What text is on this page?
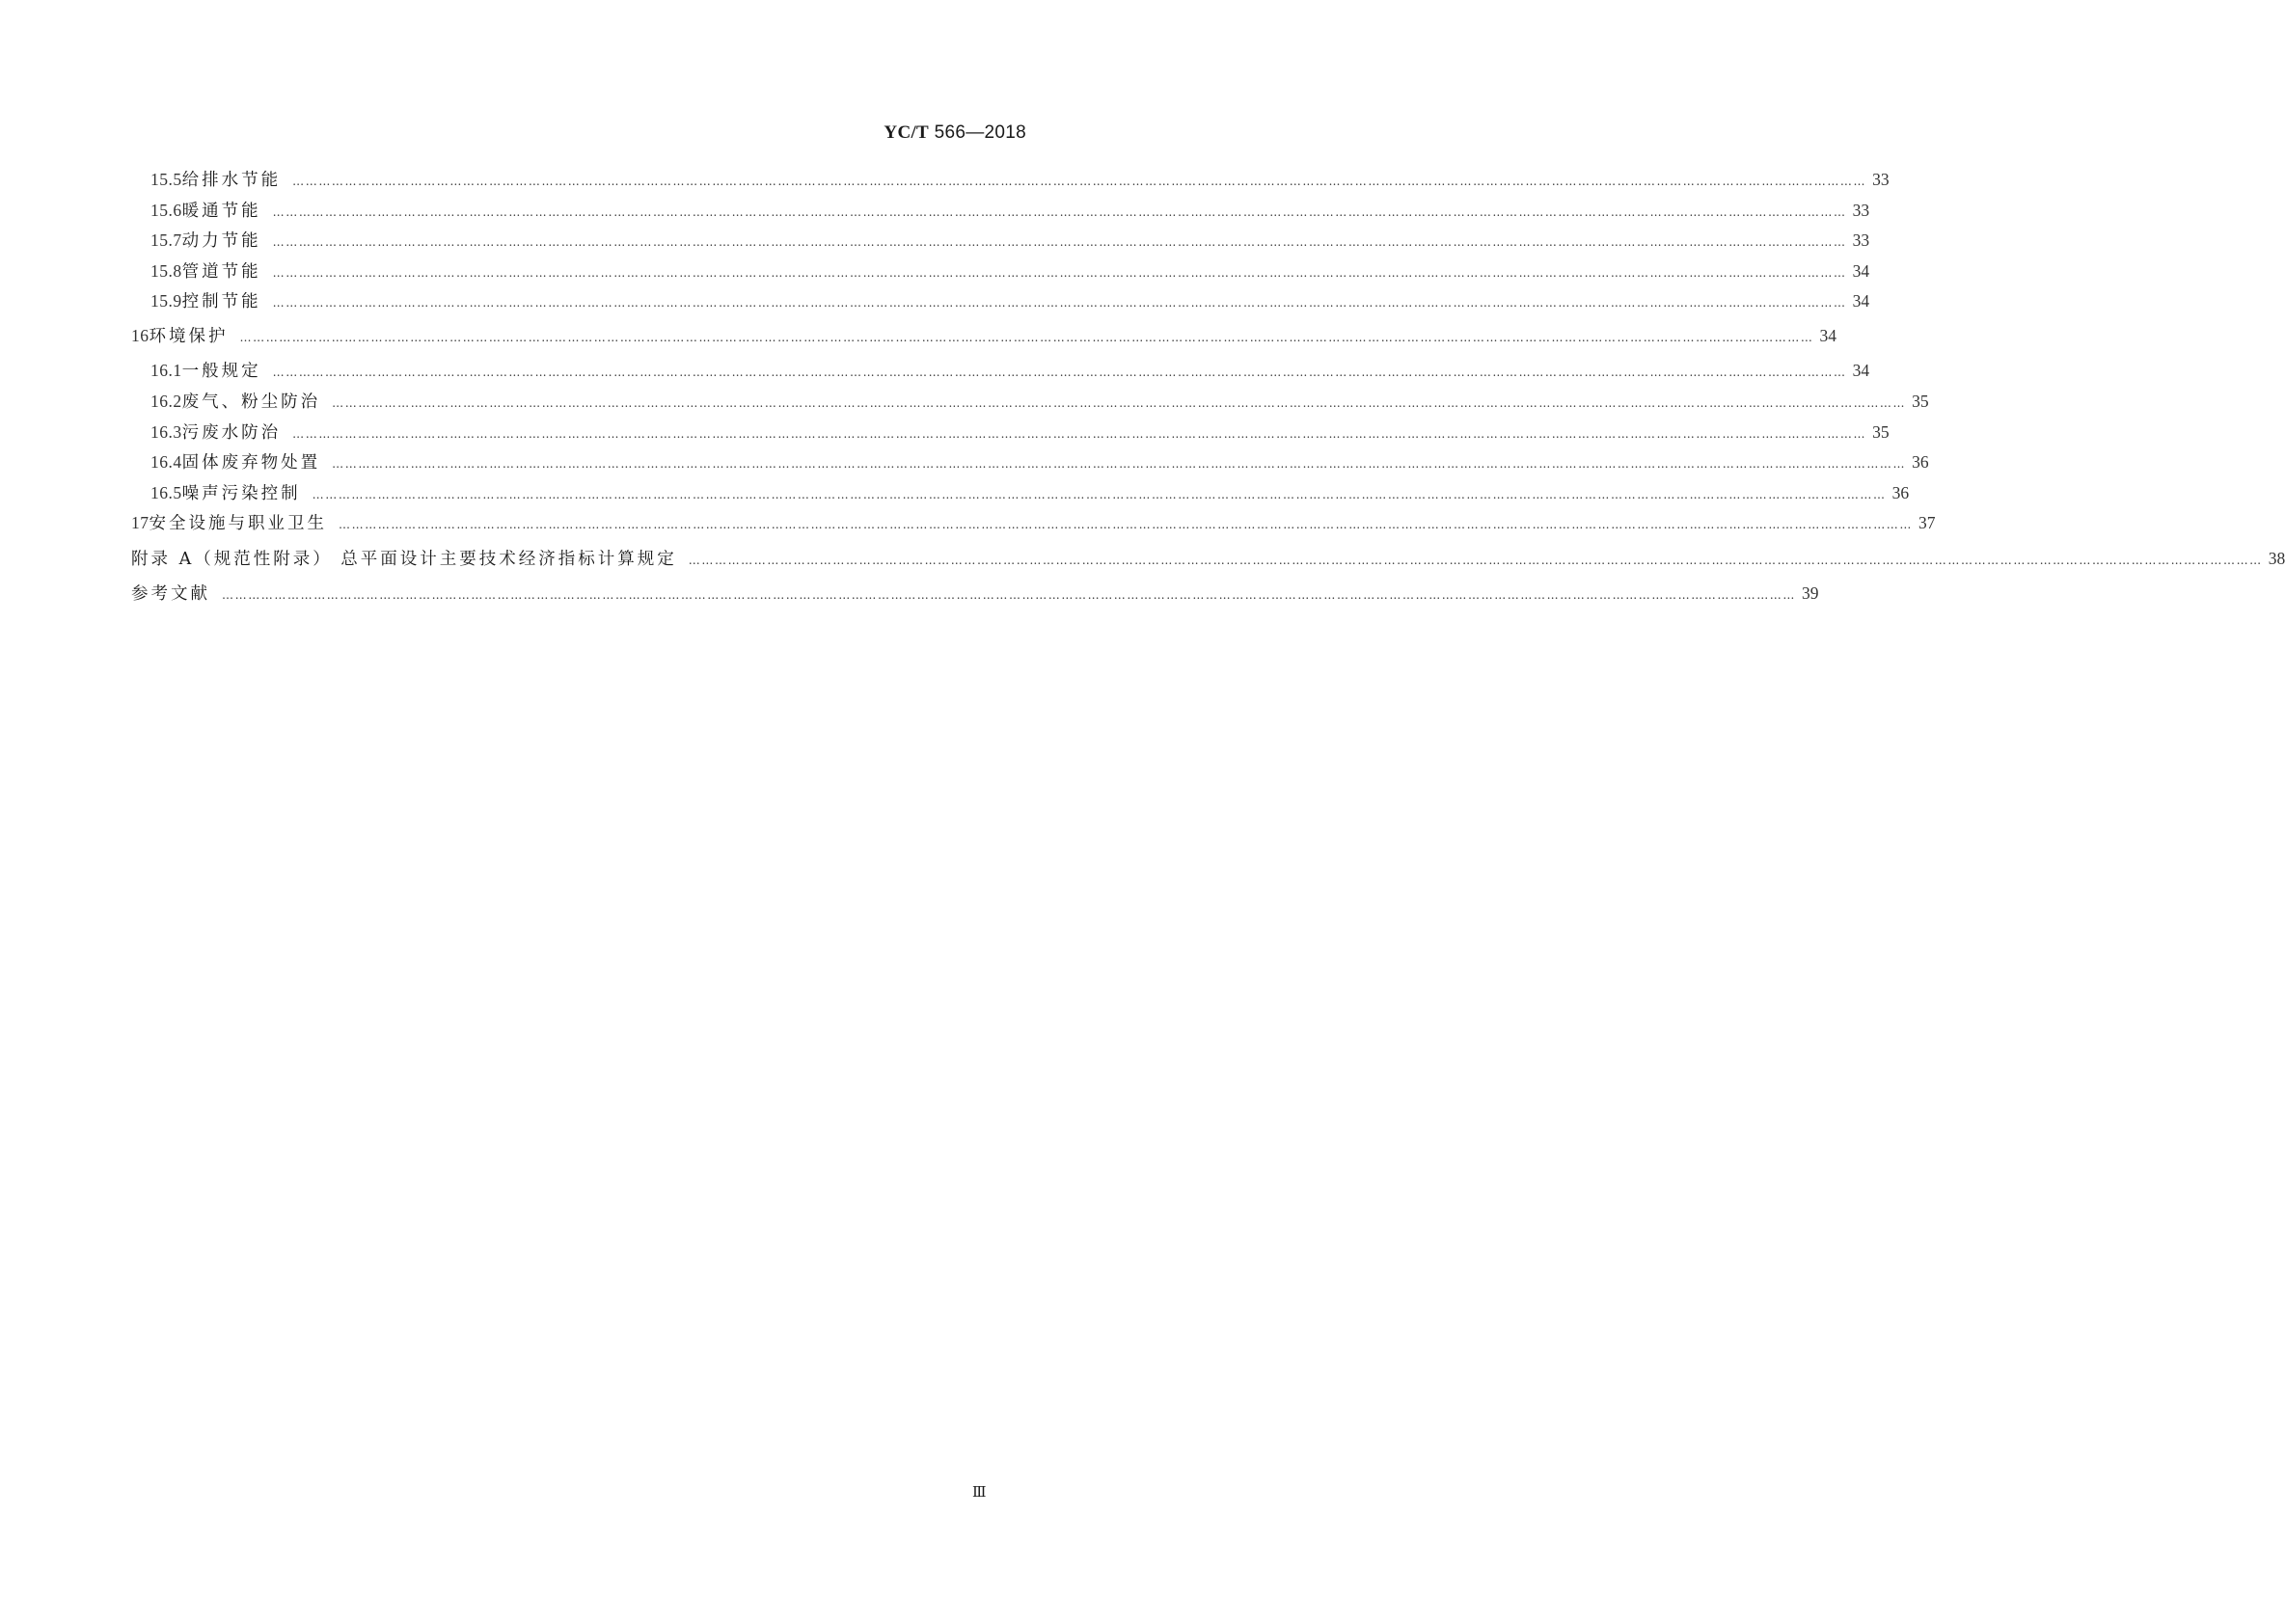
YC/T 566—2018
15.5 给排水节能 ……………………………………………………………………………………………………………………………………………………………………………………………………………………………………………………………………………………………………………………………… 33
15.6 暖通节能 ……………………………………………………………………………………………………………………………………………………………………………………………………………………………………………………………………………………………………………………………… 33
15.7 动力节能 ……………………………………………………………………………………………………………………………………………………………………………………………………………………………………………………………………………………………………………………………… 33
15.8 管道节能 ……………………………………………………………………………………………………………………………………………………………………………………………………………………………………………………………………………………………………………………………… 34
15.9 控制节能 ……………………………………………………………………………………………………………………………………………………………………………………………………………………………………………………………………………………………………………………………… 34
16 环境保护 ……………………………………………………………………………………………………………………………………………………………………………………………………………………………………………………………………………………………………………………………… 34
16.1 一般规定 ……………………………………………………………………………………………………………………………………………………………………………………………………………………………………………………………………………………………………………………………… 34
16.2 废气、粉尘防治 ……………………………………………………………………………………………………………………………………………………………………………………………………………………………………………………………………………………………………………………………… 35
16.3 污废水防治 ……………………………………………………………………………………………………………………………………………………………………………………………………………………………………………………………………………………………………………………………… 35
16.4 固体废弃物处置 ……………………………………………………………………………………………………………………………………………………………………………………………………………………………………………………………………………………………………………………………… 36
16.5 噪声污染控制 ……………………………………………………………………………………………………………………………………………………………………………………………………………………………………………………………………………………………………………………………… 36
17 安全设施与职业卫生 ……………………………………………………………………………………………………………………………………………………………………………………………………………………………………………………………………………………………………………………………… 37
附录 A（规范性附录） 总平面设计主要技术经济指标计算规定 ……………………………………………………………………………………………………………………………………………………………………………………………………………………………………………………………………………………………………………………………… 38
参考文献 ……………………………………………………………………………………………………………………………………………………………………………………………………………………………………………………………………………………………………………………………… 39
Ⅲ
